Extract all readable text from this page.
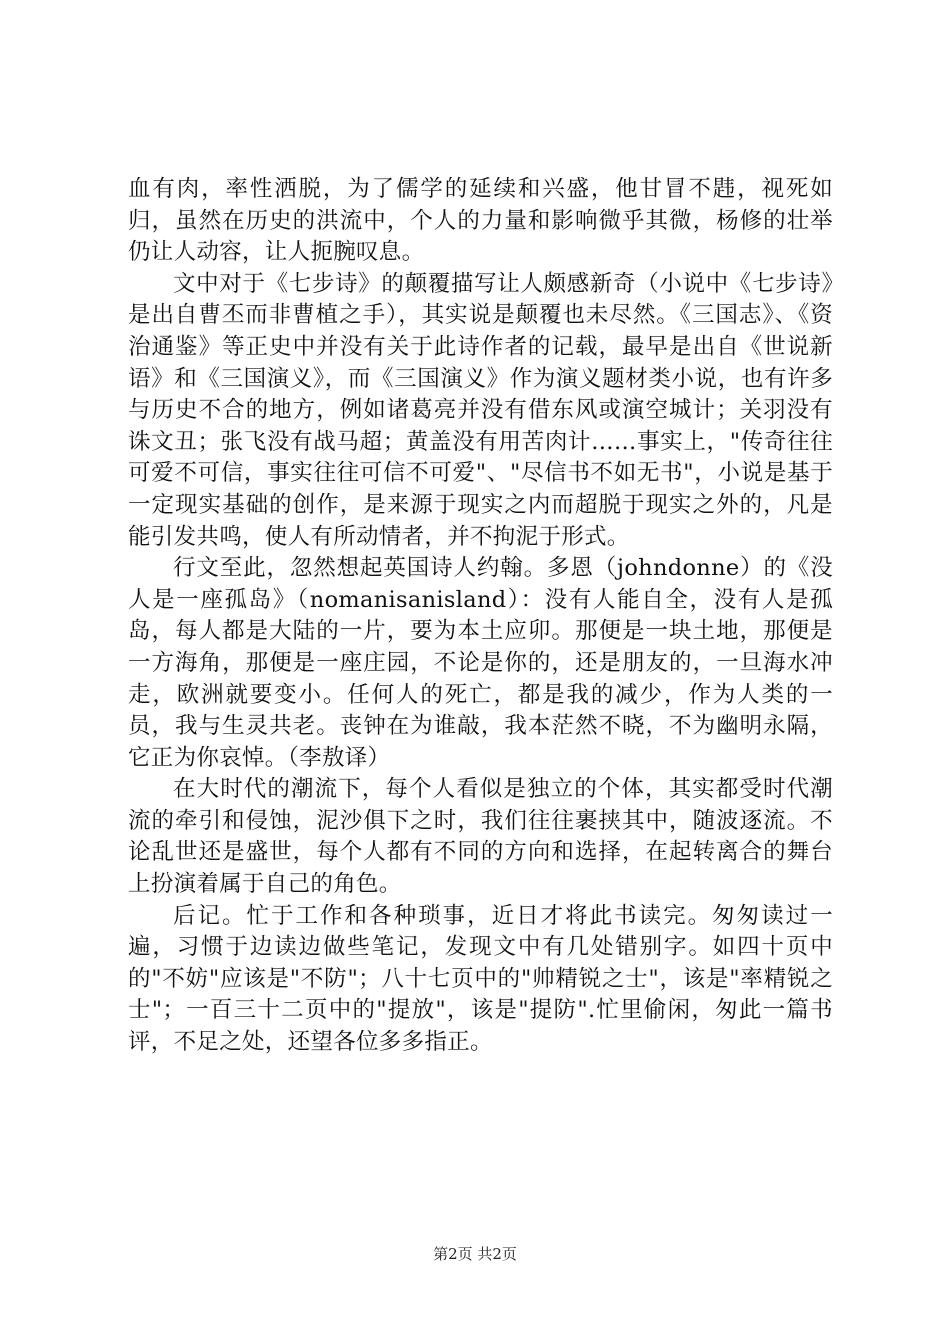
血有肉，率性洒脱，为了儒学的延续和兴盛，他甘冒不韪，视死如归，虽然在历史的洪流中，个人的力量和影响微乎其微，杨修的壮举仍让人动容，让人扼腕叹息。

文中对于《七步诗》的颠覆描写让人颇感新奇（小说中《七步诗》是出自曹丕而非曹植之手），其实说是颠覆也未尽然。《三国志》、《资治通鉴》等正史中并没有关于此诗作者的记载，最早是出自《世说新语》和《三国演义》，而《三国演义》作为演义题材类小说，也有许多与历史不合的地方，例如诸葛亮并没有借东风或演空城计；关羽没有诛文丑；张飞没有战马超；黄盖没有用苦肉计……事实上，"传奇往往可爱不可信，事实往往可信不可爱"、"尽信书不如无书"，小说是基于一定现实基础的创作，是来源于现实之内而超脱于现实之外的，凡是能引发共鸣，使人有所动情者，并不拘泥于形式。

行文至此，忽然想起英国诗人约翰。多恩（johndonne）的《没人是一座孤岛》（nomanisanisland）：没有人能自全，没有人是孤岛，每人都是大陆的一片，要为本土应卯。那便是一块土地，那便是一方海角，那便是一座庄园，不论是你的，还是朋友的，一旦海水冲走，欧洲就要变小。任何人的死亡，都是我的减少，作为人类的一员，我与生灵共老。丧钟在为谁敲，我本茫然不晓，不为幽明永隔，它正为你哀悼。（李敖译）

在大时代的潮流下，每个人看似是独立的个体，其实都受时代潮流的牵引和侵蚀，泥沙俱下之时，我们往往裹挟其中，随波逐流。不论乱世还是盛世，每个人都有不同的方向和选择，在起转离合的舞台上扮演着属于自己的角色。

后记。忙于工作和各种琐事，近日才将此书读完。匆匆读过一遍，习惯于边读边做些笔记，发现文中有几处错别字。如四十页中的"不妨"应该是"不防"；八十七页中的"帅精锐之士"，该是"率精锐之士"；一百三十二页中的"提放"，该是"提防".忙里偷闲，匆此一篇书评，不足之处，还望各位多多指正。

第2页 共2页
